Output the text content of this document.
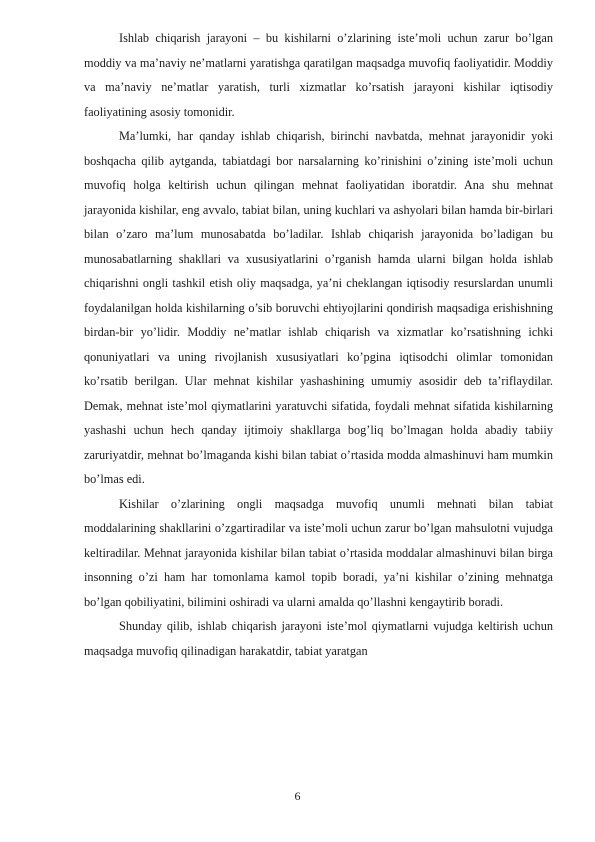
Ishlab chiqarish jarayoni – bu kishilarni o’zlarining iste’moli uchun zarur bo’lgan moddiy va ma’naviy ne’matlarni yaratishga qaratilgan maqsadga muvofiq faoliyatidir. Moddiy va ma’naviy ne’matlar yaratish, turli xizmatlar ko’rsatish jarayoni kishilar iqtisodiy faoliyatining asosiy tomonidir.

Ma’lumki, har qanday ishlab chiqarish, birinchi navbatda, mehnat jarayonidir yoki boshqacha qilib aytganda, tabiatdagi bor narsalarning ko’rinishini o’zining iste’moli uchun muvofiq holga keltirish uchun qilingan mehnat faoliyatidan iboratdir. Ana shu mehnat jarayonida kishilar, eng avvalo, tabiat bilan, uning kuchlari va ashyolari bilan hamda bir-birlari bilan o’zaro ma’lum munosabatda bo’ladilar. Ishlab chiqarish jarayonida bo’ladigan bu munosabatlarning shakllari va xususiyatlarini o’rganish hamda ularni bilgan holda ishlab chiqarishni ongli tashkil etish oliy maqsadga, ya’ni cheklangan iqtisodiy resurslardan unumli foydalanilgan holda kishilarning o’sib boruvchi ehtiyojlarini qondirish maqsadiga erishishning birdan-bir yo’lidir. Moddiy ne’matlar ishlab chiqarish va xizmatlar ko’rsatishning ichki qonuniyatlari va uning rivojlanish xususiyatlari ko’pgina iqtisodchi olimlar tomonidan ko’rsatib berilgan. Ular mehnat kishilar yashashining umumiy asosidir deb ta’riflaydilar. Demak, mehnat iste’mol qiymatlarini yaratuvchi sifatida, foydali mehnat sifatida kishilarning yashashi uchun hech qanday ijtimoiy shakllarga bog’liq bo’lmagan holda abadiy tabiiy zaruriyatdir, mehnat bo’lmaganda kishi bilan tabiat o’rtasida modda almashinuvi ham mumkin bo’lmas edi.

Kishilar o’zlarining ongli maqsadga muvofiq unumli mehnati bilan tabiat moddalarining shakllarini o’zgartiradilar va iste’moli uchun zarur bo’lgan mahsulotni vujudga keltiradilar. Mehnat jarayonida kishilar bilan tabiat o’rtasida moddalar almashinuvi bilan birga insonning o’zi ham har tomonlama kamol topib boradi, ya’ni kishilar o’zining mehnatga bo’lgan qobiliyatini, bilimini oshiradi va ularni amalda qo’llashni kengaytirib boradi.

Shunday qilib, ishlab chiqarish jarayoni iste’mol qiymatlarni vujudga keltirish uchun maqsadga muvofiq qilinadigan harakatdir, tabiat yaratgan

6
